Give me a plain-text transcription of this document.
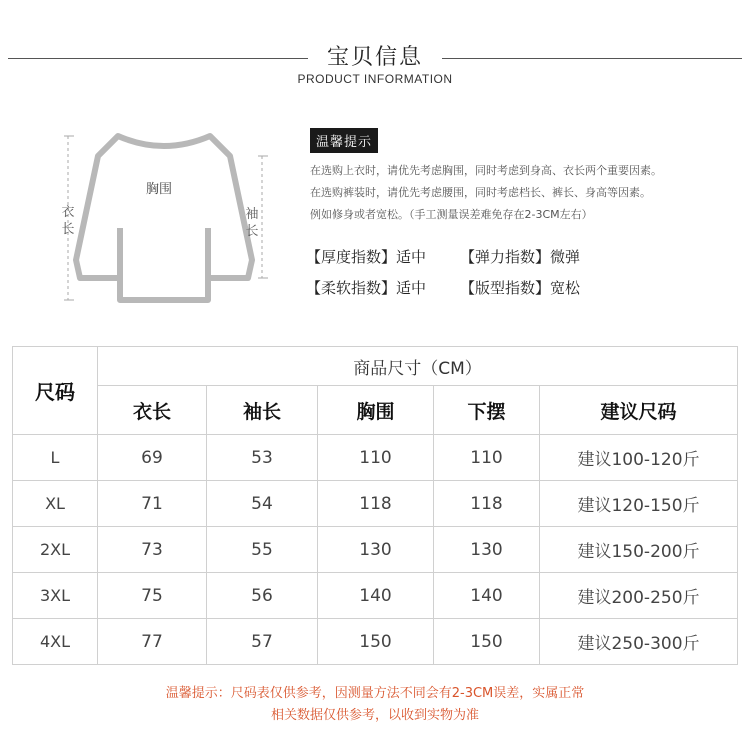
宝贝信息
PRODUCT INFORMATION
胸围
衣
长
袖
长
温馨提示
在选购上衣时，请优先考虑胸围，同时考虑到身高、衣长两个重要因素。
在选购裤装时，请优先考虑腰围，同时考虑档长、裤长、身高等因素。
例如修身或者宽松。（手工测量误差难免存在2-3CM左右）
【厚度指数】适中 【弹力指数】微弹
【柔软指数】适中 【版型指数】宽松
尺码	商品尺寸（CM）				
	衣长	袖长	胸围	下摆	建议尺码
L	69	53	110	110	建议100-120斤
XL	71	54	118	118	建议120-150斤
2XL	73	55	130	130	建议150-200斤
3XL	75	56	140	140	建议200-250斤
4XL	77	57	150	150	建议250-300斤
温馨提示：尺码表仅供参考，因测量方法不同会有2-3CM误差，实属正常
相关数据仅供参考，以收到实物为准
